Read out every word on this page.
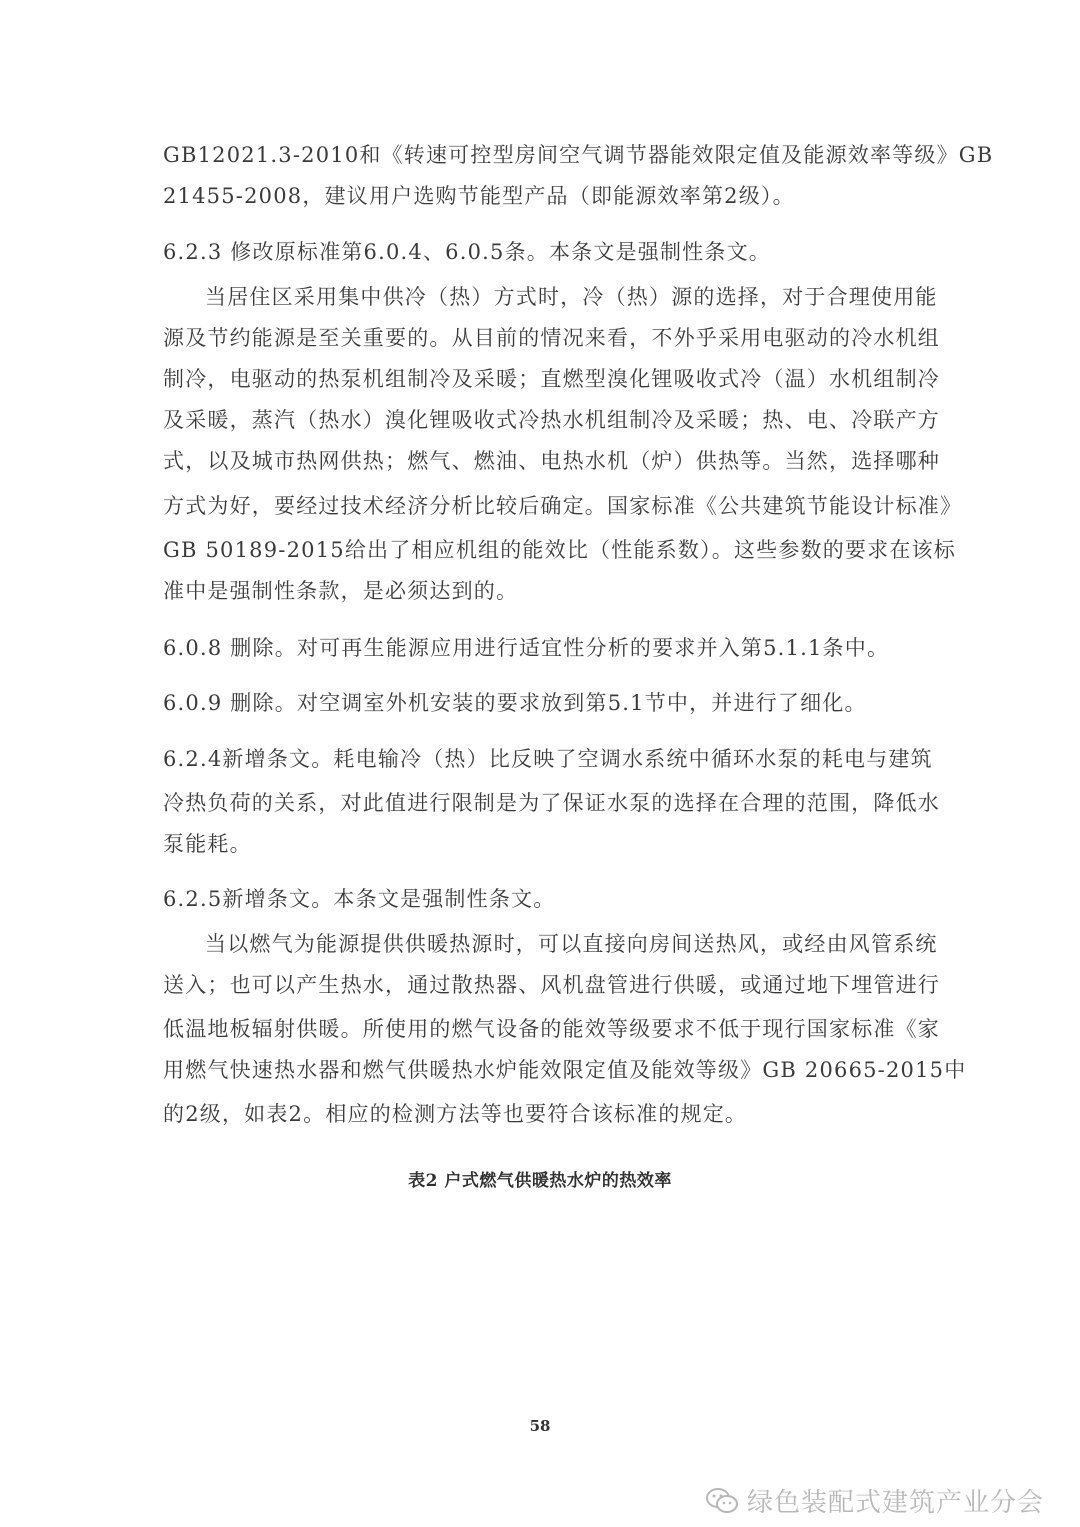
GB12021.3-2010和《转速可控型房间空气调节器能效限定值及能源效率等级》GB
21455-2008，建议用户选购节能型产品（即能源效率第2级）。
6.2.3 修改原标准第6.0.4、6.0.5条。本条文是强制性条文。
当居住区采用集中供冷（热）方式时，冷（热）源的选择，对于合理使用能
源及节约能源是至关重要的。从目前的情况来看，不外乎采用电驱动的冷水机组
制冷，电驱动的热泵机组制冷及采暖；直燃型溴化锂吸收式冷（温）水机组制冷
及采暖，蒸汽（热水）溴化锂吸收式冷热水机组制冷及采暖；热、电、冷联产方
式，以及城市热网供热；燃气、燃油、电热水机（炉）供热等。当然，选择哪种
方式为好，要经过技术经济分析比较后确定。国家标准《公共建筑节能设计标准》
GB 50189-2015给出了相应机组的能效比（性能系数）。这些参数的要求在该标
准中是强制性条款，是必须达到的。
6.0.8 删除。对可再生能源应用进行适宜性分析的要求并入第5.1.1条中。
6.0.9 删除。对空调室外机安装的要求放到第5.1节中，并进行了细化。
6.2.4新增条文。耗电输冷（热）比反映了空调水系统中循环水泵的耗电与建筑
冷热负荷的关系，对此值进行限制是为了保证水泵的选择在合理的范围，降低水
泵能耗。
6.2.5新增条文。本条文是强制性条文。
当以燃气为能源提供供暖热源时，可以直接向房间送热风，或经由风管系统
送入；也可以产生热水，通过散热器、风机盘管进行供暖，或通过地下埋管进行
低温地板辐射供暖。所使用的燃气设备的能效等级要求不低于现行国家标准《家
用燃气快速热水器和燃气供暖热水炉能效限定值及能效等级》GB 20665-2015中
的2级，如表2。相应的检测方法等也要符合该标准的规定。
表2 户式燃气供暖热水炉的热效率
58
绿色装配式建筑产业分会
